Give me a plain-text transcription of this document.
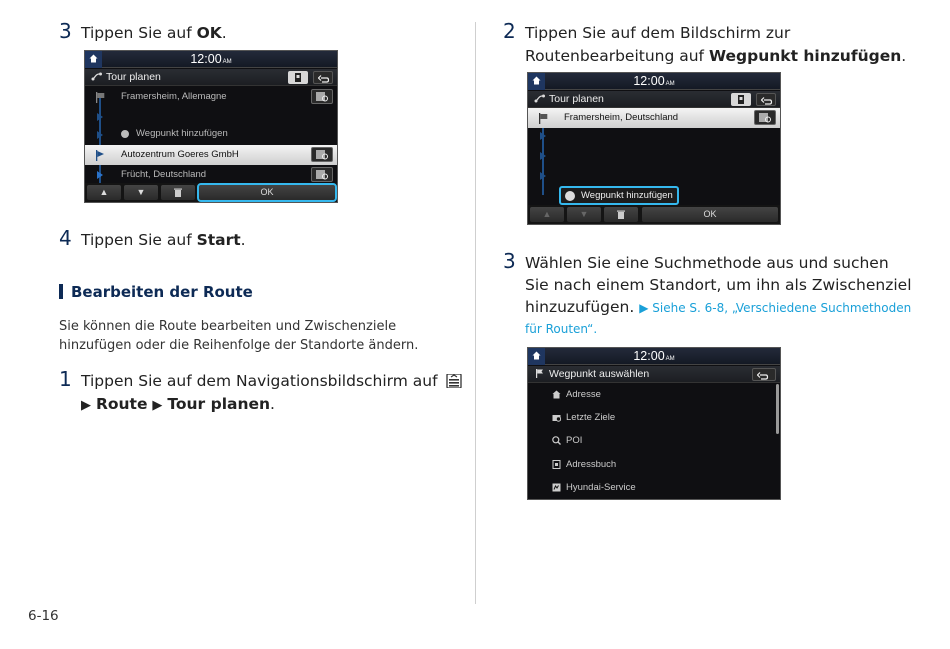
3 Tippen Sie auf OK.
12:00AM
Tour planen
Framersheim, Allemagne
Wegpunkt hinzufügen
Autozentrum Goeres GmbH
Frücht, Deutschland
▲	▼	OK
4 Tippen Sie auf Start.
Bearbeiten der Route
Sie können die Route bearbeiten und Zwischenziele hinzufügen oder die Reihenfolge der Standorte ändern.
1 Tippen Sie auf dem Navigationsbildschirm auf
▶ Route ▶ Tour planen.
6-16
2 Tippen Sie auf dem Bildschirm zur
Routenbearbeitung auf Wegpunkt hinzufügen.
12:00AM
Tour planen
Framersheim, Deutschland
Wegpunkt hinzufügen
▲	▼	OK
3 Wählen Sie eine Suchmethode aus und suchen
Sie nach einem Standort, um ihn als Zwischenziel
hinzuzufügen. ▶ Siehe S. 6-8, „Verschiedene Suchmethoden
für Routen“.
12:00AM
Wegpunkt auswählen
Adresse
Letzte Ziele
POI
Adressbuch
Hyundai-Service
